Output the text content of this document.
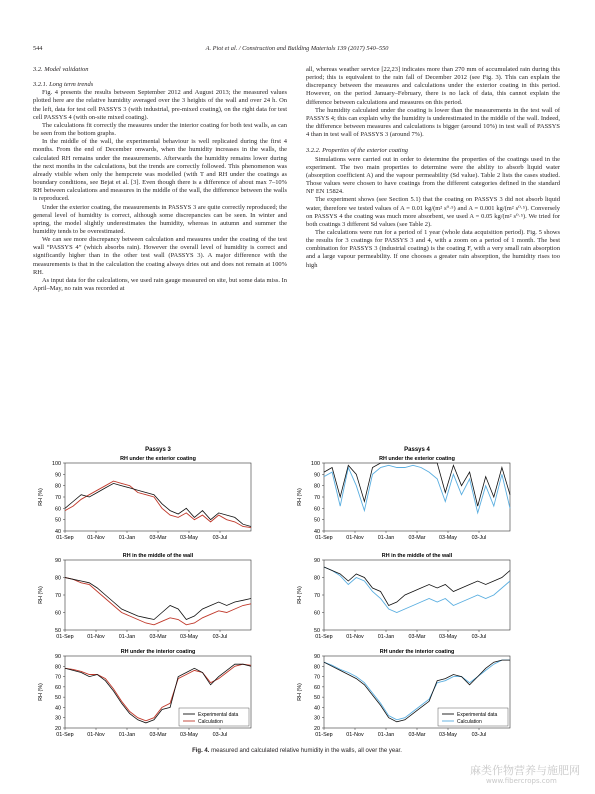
544	A. Piot et al. / Construction and Building Materials 139 (2017) 540–550
3.2. Model validation
3.2.1. Long term trends

Fig. 4 presents the results between September 2012 and August 2013; the measured values plotted here are the relative humidity averaged over the 3 heights of the wall and over 24 h. On the left, data for test cell PASSYS 3 (with industrial, pre-mixed coating), on the right data for test cell PASSYS 4 (with on-site mixed coating).

The calculations fit correctly the measures under the interior coating for both test walls, as can be seen from the bottom graphs.

In the middle of the wall, the experimental behaviour is well replicated during the first 4 months. From the end of December onwards, when the humidity increases in the walls, the calculated RH remains under the measurements. Afterwards the humidity remains lower during the next months in the calculations, but the trends are correctly followed. This phenomenon was already visible when only the hempcrete was modelled (with T and RH under the coatings as boundary conditions, see Bejat et al. [3]. Even though there is a difference of about max 7–10% RH between calculations and measures in the middle of the wall, the difference between the walls is reproduced.

Under the exterior coating, the measurements in PASSYS 3 are quite correctly reproduced; the general level of humidity is correct, although some discrepancies can be seen. In winter and spring, the model slightly underestimates the humidity, whereas in autumn and summer the humidity tends to be overestimated.

We can see more discrepancy between calculation and measures under the coating of the test wall “PASSYS 4” (which absorbs rain). However the overall level of humidity is correct and significantly higher than in the other test wall (PASSYS 3). A major difference with the measurements is that in the calculation the coating always dries out and does not remain at 100% RH.

As input data for the calculations, we used rain gauge measured on site, but some data miss. In April–May, no rain was recorded at

all, whereas weather service [22,23] indicates more than 270 mm of accumulated rain during this period; this is equivalent to the rain fall of December 2012 (see Fig. 3). This can explain the discrepancy between the measures and calculations under the exterior coating in this period. However, on the period January–February, there is no lack of data, this cannot explain the difference between calculations and measures on this period.

The humidity calculated under the coating is lower than the measurements in the test wall of PASSYS 4; this can explain why the humidity is underestimated in the middle of the wall. Indeed, the difference between measures and calculations is bigger (around 10%) in test wall of PASSYS 4 than in test wall of PASSYS 3 (around 7%).

3.2.2. Properties of the exterior coating

Simulations were carried out in order to determine the properties of the coatings used in the experiment. The two main properties to determine were the ability to absorb liquid water (absorption coefficient A) and the vapour permeability (Sd value). Table 2 lists the cases studied. Those values were chosen to have coatings from the different categories defined in the standard NF EN 15824.

The experiment shows (see Section 5.1) that the coating on PASSYS 3 did not absorb liquid water, therefore we tested values of A = 0.01 kg/(m² s⁰·⁵) and A = 0.001 kg/(m² s⁰·⁵). Conversely on PASSYS 4 the coating was much more absorbent, we used A = 0.05 kg/(m² s⁰·⁵). We tried for both coatings 3 different Sd values (see Table 2).

The calculations were run for a period of 1 year (whole data acquisition period). Fig. 5 shows the results for 3 coatings for PASSYS 3 and 4, with a zoom on a period of 1 month. The best combination for PASSYS 3 (industrial coating) is the coating F, with a very small rain absorption and a large vapour permeability. If one chooses a greater rain absorption, the humidity rises too high

Passys 3
RH under the exterior coating
40
50
60
70
80
90
100
RH (%)
01-Sep	01-Nov	01-Jan	03-Mar 03-May	03-Jul
Passys 4
RH under the exterior coating
40
50
60
70
80
90
100
RH (%)
01-Sep	01-Nov	01-Jan	03-Mar 03-May	03-Jul
RH in the middle of the wall
50
60
70
80
90
RH (%)
01-Sep	01-Nov	01-Jan	03-Mar 03-May	03-Jul
RH in the middle of the wall
50
60
70
80
90
RH (%)
01-Sep	01-Nov	01-Jan	03-Mar 03-May	03-Jul
RH under the interior coating
20
30
40
50
60
70
80
90
RH (%)
01-Sep	01-Nov	01-Jan	03-Mar 03-May	03-Jul
Experimental data
Calculation
RH under the interior coating
20
30
40
50
60
70
80
90
RH (%)
01-Sep	01-Nov	01-Jan	03-Mar 03-May	03-Jul
Experimental data
Calculation
Fig. 4. measured and calculated relative humidity in the walls, all over the year.
麻类作物营养与施肥网
www.fibercrops.com
